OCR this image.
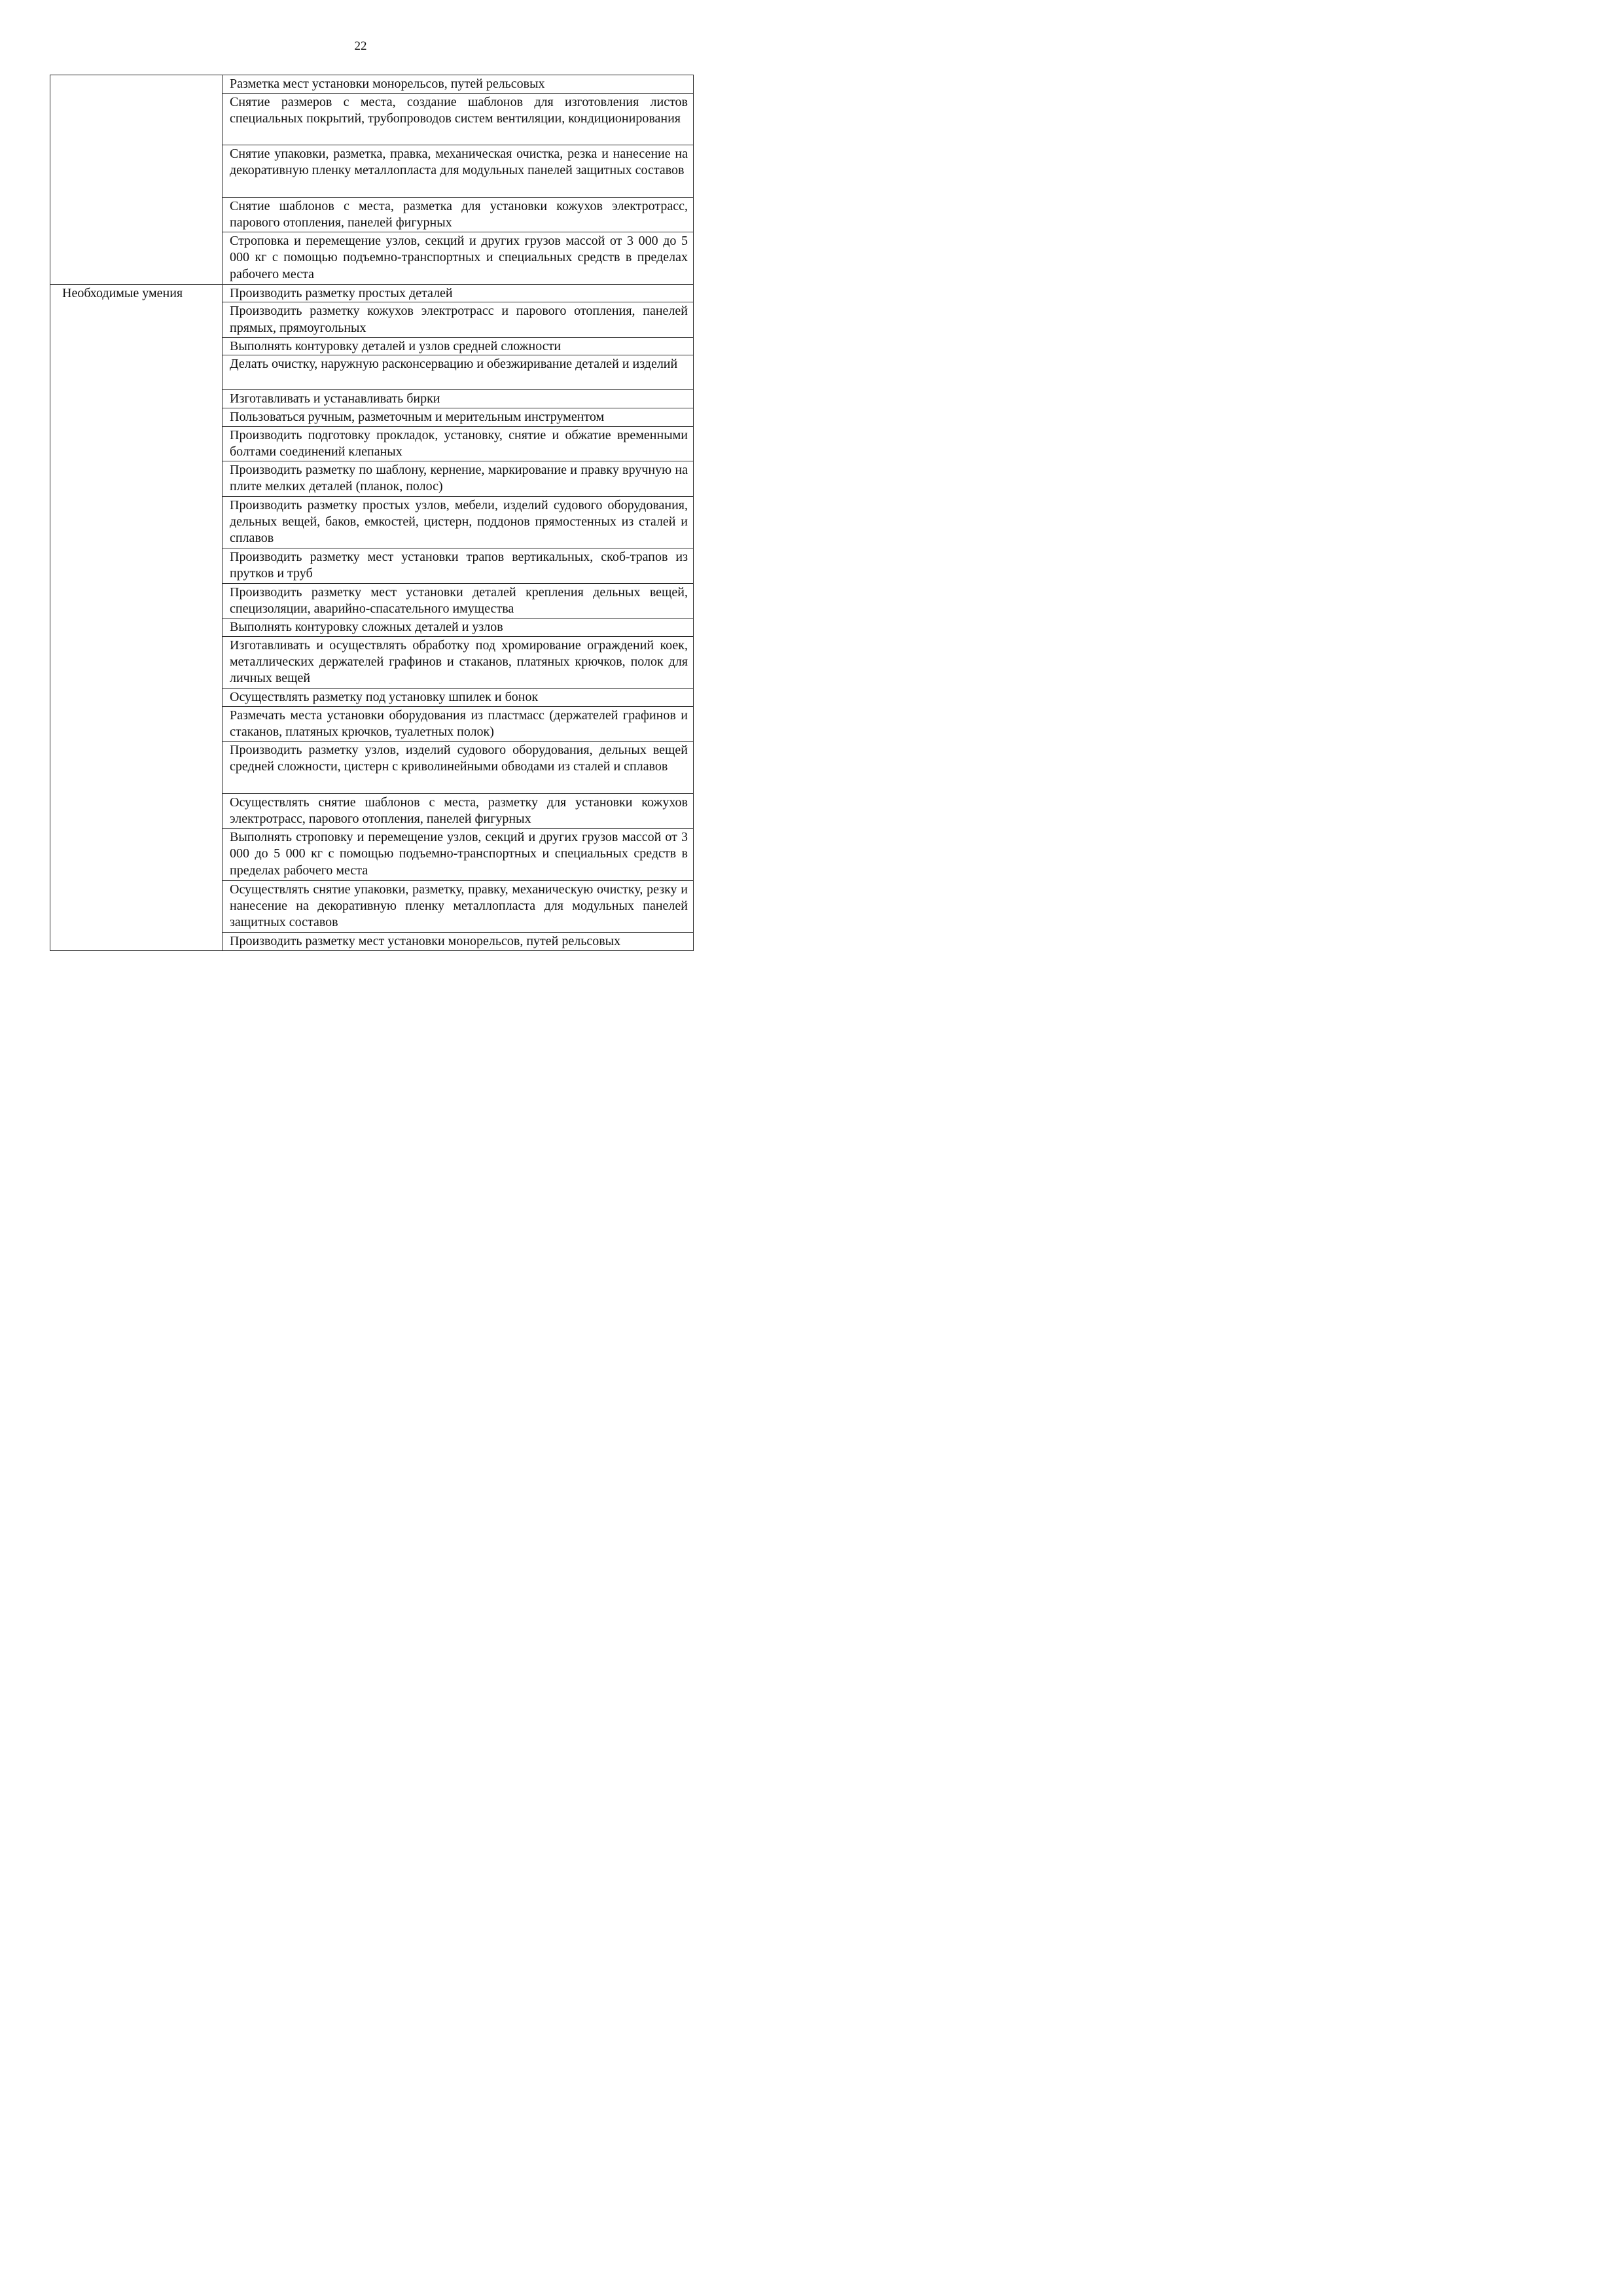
22
	Разметка мест установки монорельсов, путей рельсовых
	Снятие размеров с места, создание шаблонов для изготовления листов специальных покрытий, трубопроводов систем вентиляции, кондиционирования
	Снятие упаковки, разметка, правка, механическая очистка, резка и нанесение на декоративную пленку металлопласта для модульных панелей защитных составов
	Снятие шаблонов с места, разметка для установки кожухов электротрасс, парового отопления, панелей фигурных
	Строповка и перемещение узлов, секций и других грузов массой от 3 000 до 5 000 кг с помощью подъемно-транспортных и специальных средств в пределах рабочего места
Необходимые умения	Производить разметку простых деталей
	Производить разметку кожухов электротрасс и парового отопления, панелей прямых, прямоугольных
	Выполнять контуровку деталей и узлов средней сложности
	Делать очистку, наружную расконсервацию и обезжиривание деталей и изделий
	Изготавливать и устанавливать бирки
	Пользоваться ручным, разметочным и мерительным инструментом
	Производить подготовку прокладок, установку, снятие и обжатие временными болтами соединений клепаных
	Производить разметку по шаблону, кернение, маркирование и правку вручную на плите мелких деталей (планок, полос)
	Производить разметку простых узлов, мебели, изделий судового оборудования, дельных вещей, баков, емкостей, цистерн, поддонов прямостенных из сталей и сплавов
	Производить разметку мест установки трапов вертикальных, скоб-трапов из прутков и труб
	Производить разметку мест установки деталей крепления дельных вещей, специзоляции, аварийно-спасательного имущества
	Выполнять контуровку сложных деталей и узлов
	Изготавливать и осуществлять обработку под хромирование ограждений коек, металлических держателей графинов и стаканов, платяных крючков, полок для личных вещей
	Осуществлять разметку под установку шпилек и бонок
	Размечать места установки оборудования из пластмасс (держателей графинов и стаканов, платяных крючков, туалетных полок)
	Производить разметку узлов, изделий судового оборудования, дельных вещей средней сложности, цистерн с криволинейными обводами из сталей и сплавов
	Осуществлять снятие шаблонов с места, разметку для установки кожухов электротрасс, парового отопления, панелей фигурных
	Выполнять строповку и перемещение узлов, секций и других грузов массой от 3 000 до 5 000 кг с помощью подъемно-транспортных и специальных средств в пределах рабочего места
	Осуществлять снятие упаковки, разметку, правку, механическую очистку, резку и нанесение на декоративную пленку металлопласта для модульных панелей защитных составов
	Производить разметку мест установки монорельсов, путей рельсовых
